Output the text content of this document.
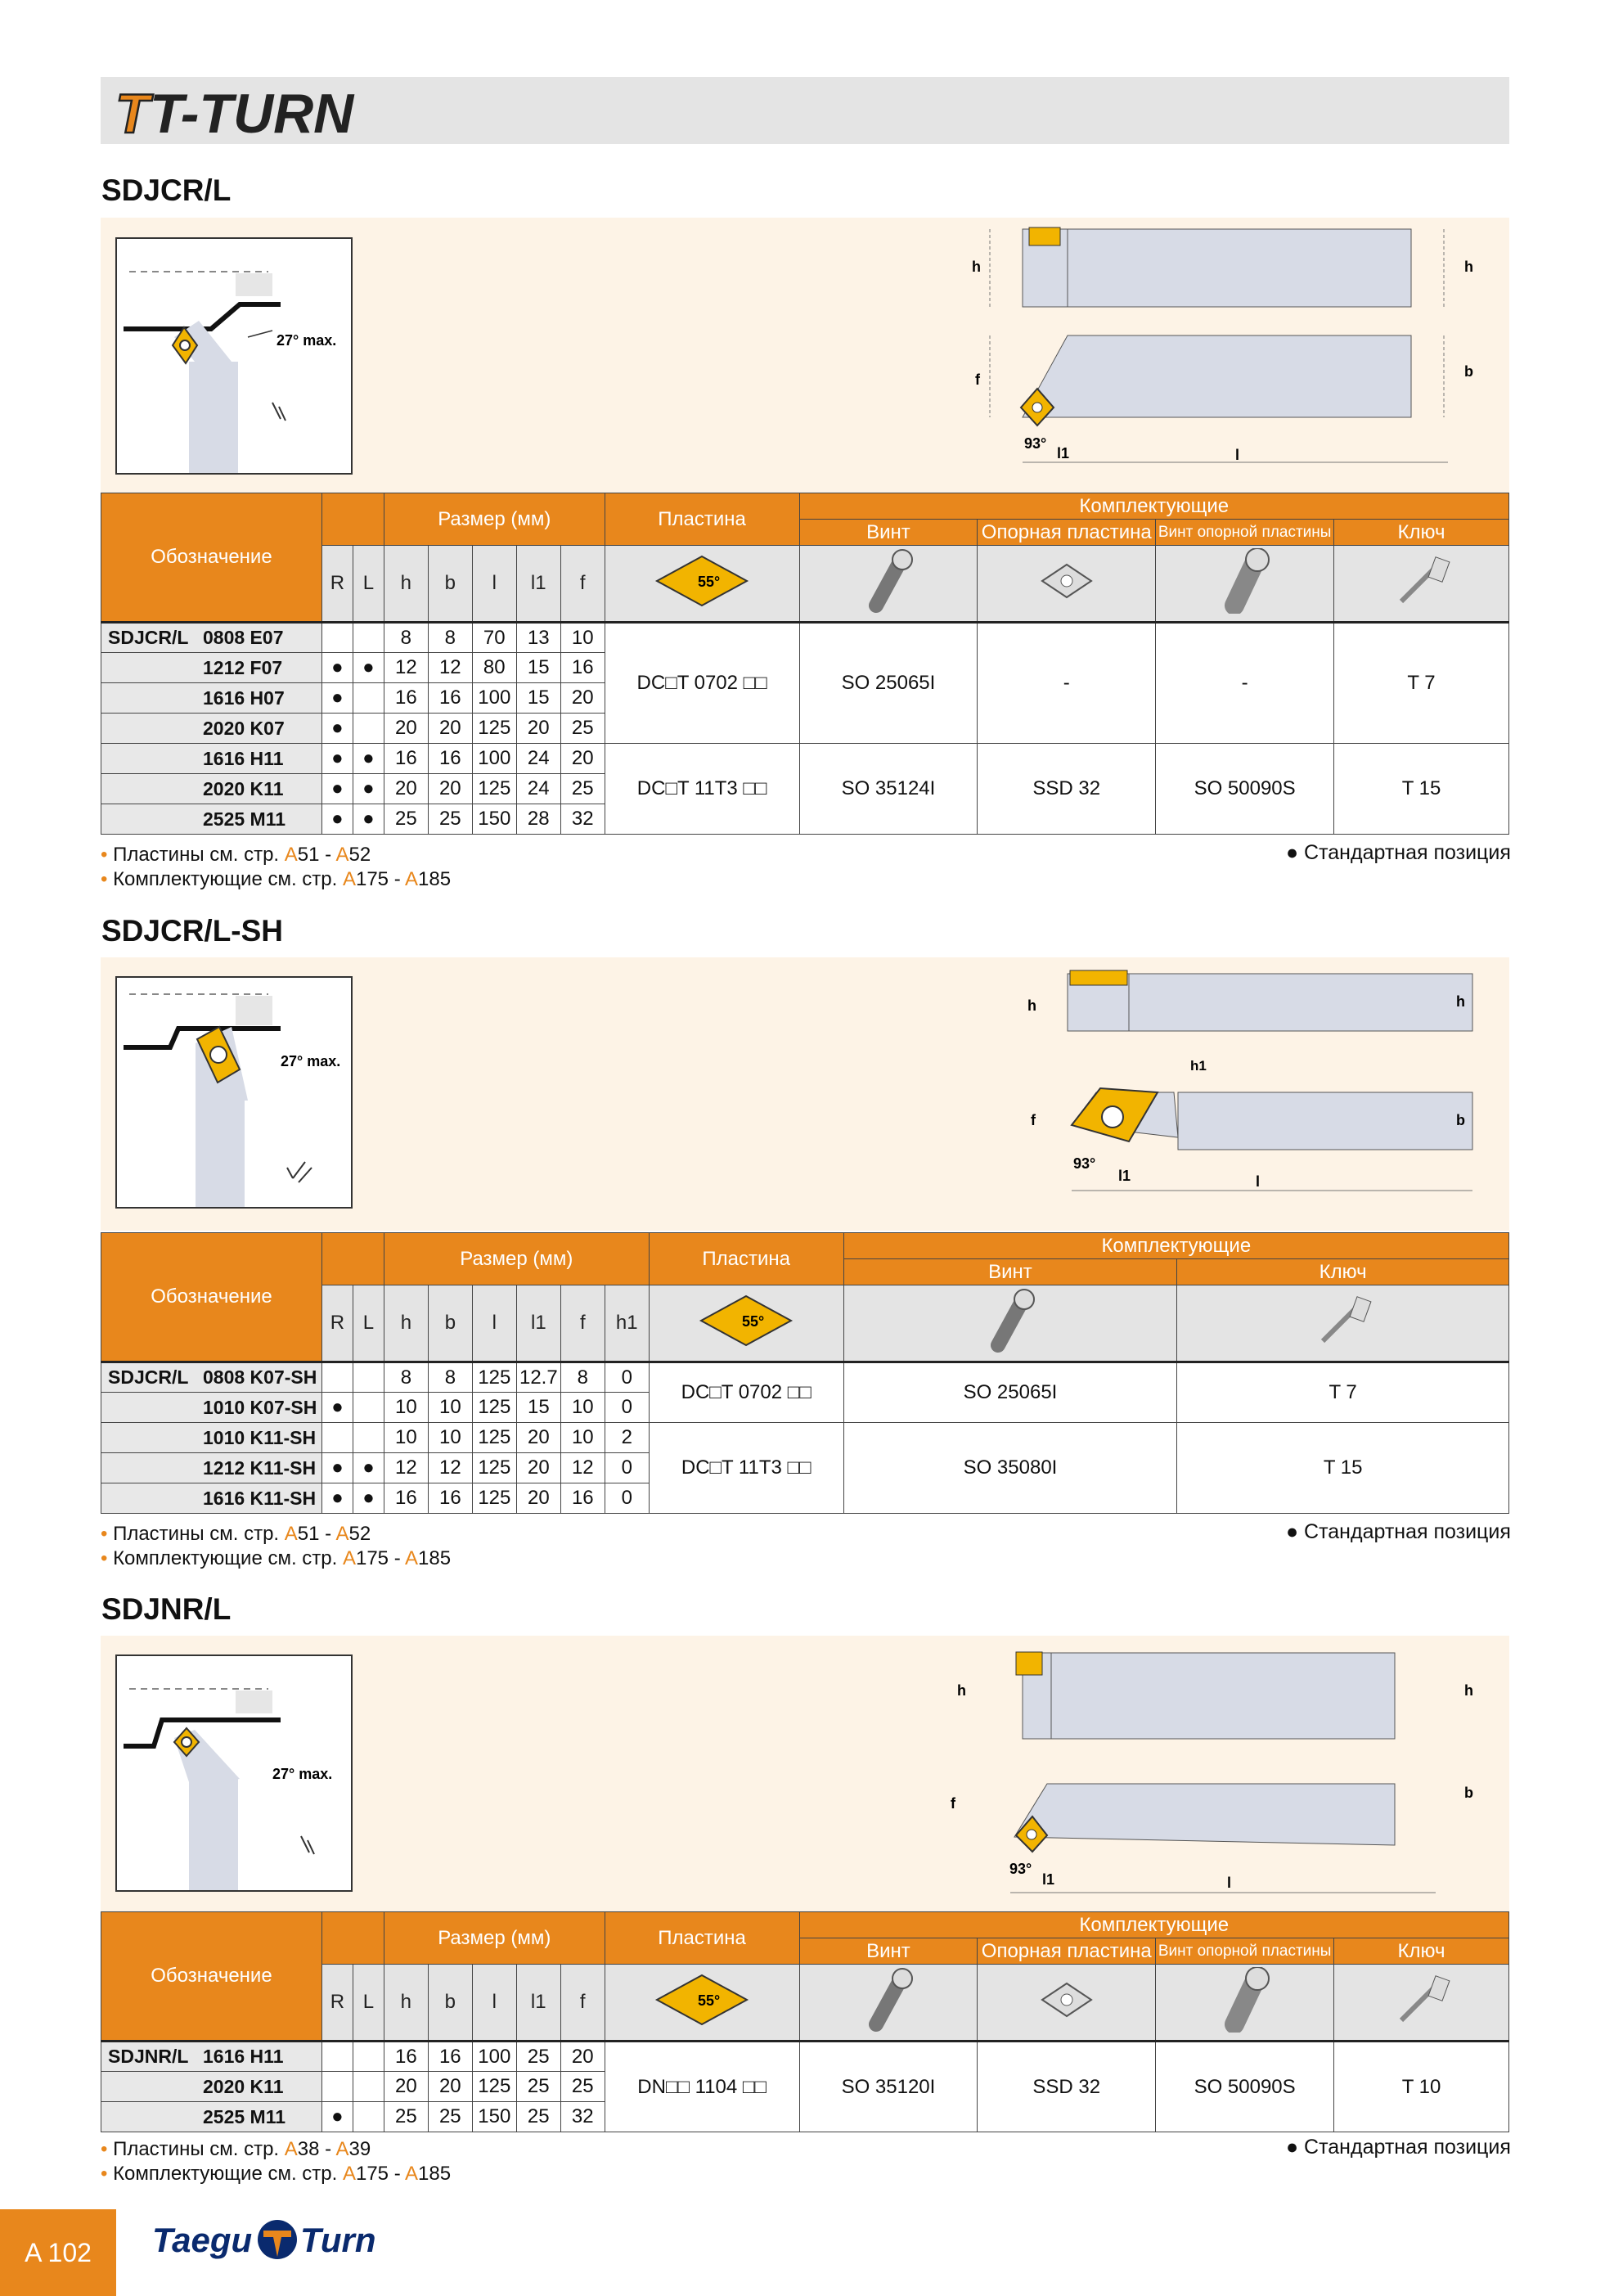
T T-TURN
SDJCR/L
27° max.
h	h
f	b
93°
l1	l
Обозначение			Размер (мм)					Пластина	Комплектующие			
									Винт	Опорная пластина	Винт опорной пластины	Ключ
	R	L	h	b	l	l1	f	55°

SDJCR/L 0808 E07			8	8	70	13	10	DC□T 0702 □□	SO 25065I	-	-	T 7
1212 F07	●	●	12	12	80	15	16					
1616 H07	●		16	16	100	15	20					
2020 K07	●		20	20	125	20	25					
1616 H11	●	●	16	16	100	24	20	DC□T 11T3 □□	SO 35124I	SSD 32	SO 50090S	T 15
2020 K11	●	●	20	20	125	24	25					
2525 M11	●	●	25	25	150	28	32					
• Пластины см. стр. A51 - A52
• Комплектующие см. стр. A175 - A185
● Стандартная позиция
SDJCR/L-SH
27° max.
h	h
h1
f	b
93°
l1	l
Обозначение			Размер (мм)						Пластина	Комплектующие	
										Винт	Ключ
	R	L	h	b	l	l1	f	h1	55°

SDJCR/L 0808 K07-SH			8	8	125	12.7	8	0	DC□T 0702 □□	SO 25065I	T 7
1010 K07-SH	●		10	10	125	15	10	0			
1010 K11-SH			10	10	125	20	10	2	DC□T 11T3 □□	SO 35080I	T 15
1212 K11-SH	●	●	12	12	125	20	12	0			
1616 K11-SH	●	●	16	16	125	20	16	0			
• Пластины см. стр. A51 - A52
• Комплектующие см. стр. A175 - A185
● Стандартная позиция
SDJNR/L
27° max.
h	h
f
b
93°
l1	l
Обозначение			Размер (мм)					Пластина	Комплектующие			
									Винт	Опорная пластина	Винт опорной пластины	Ключ
	R	L	h	b	l	l1	f	55°

SDJNR/L 1616 H11			16	16	100	25	20	DN□□ 1104 □□	SO 35120I	SSD 32	SO 50090S	T 10
2020 K11			20	20	125	25	25					
2525 M11	●		25	25	150	25	32					
• Пластины см. стр. A38 - A39
• Комплектующие см. стр. A175 - A185
● Стандартная позиция
A 102	Taegu Turn
